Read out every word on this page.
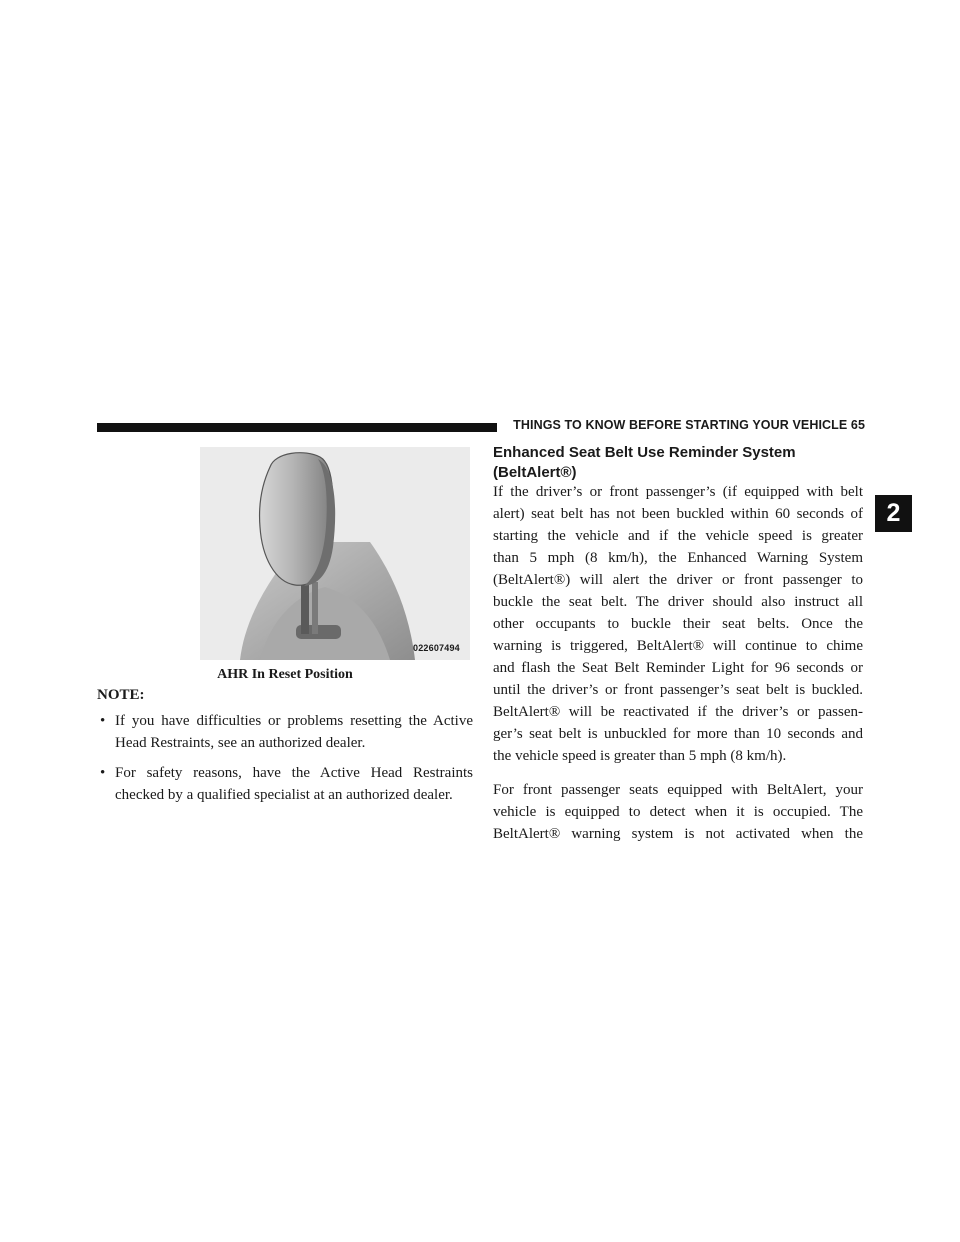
THINGS TO KNOW BEFORE STARTING YOUR VEHICLE 65
022607494
AHR In Reset Position
NOTE:
• If you have difficulties or problems resetting the Active Head Restraints, see an authorized dealer.
• For safety reasons, have the Active Head Restraints checked by a qualified specialist at an authorized dealer.
Enhanced Seat Belt Use Reminder System (BeltAlert®)
If the driver’s or front passenger’s (if equipped with belt
alert) seat belt has not been buckled within 60 seconds of
starting the vehicle and if the vehicle speed is greater
than 5 mph (8 km/h), the Enhanced Warning System
(BeltAlert®) will alert the driver or front passenger to
buckle the seat belt. The driver should also instruct all
other occupants to buckle their seat belts. Once the
warning is triggered, BeltAlert® will continue to chime
and flash the Seat Belt Reminder Light for 96 seconds or
until the driver’s or front passenger’s seat belt is buckled.
BeltAlert® will be reactivated if the driver’s or passen-
ger’s seat belt is unbuckled for more than 10 seconds and
the vehicle speed is greater than 5 mph (8 km/h).
For front passenger seats equipped with BeltAlert, your
vehicle is equipped to detect when it is occupied. The
BeltAlert® warning system is not activated when the
2
